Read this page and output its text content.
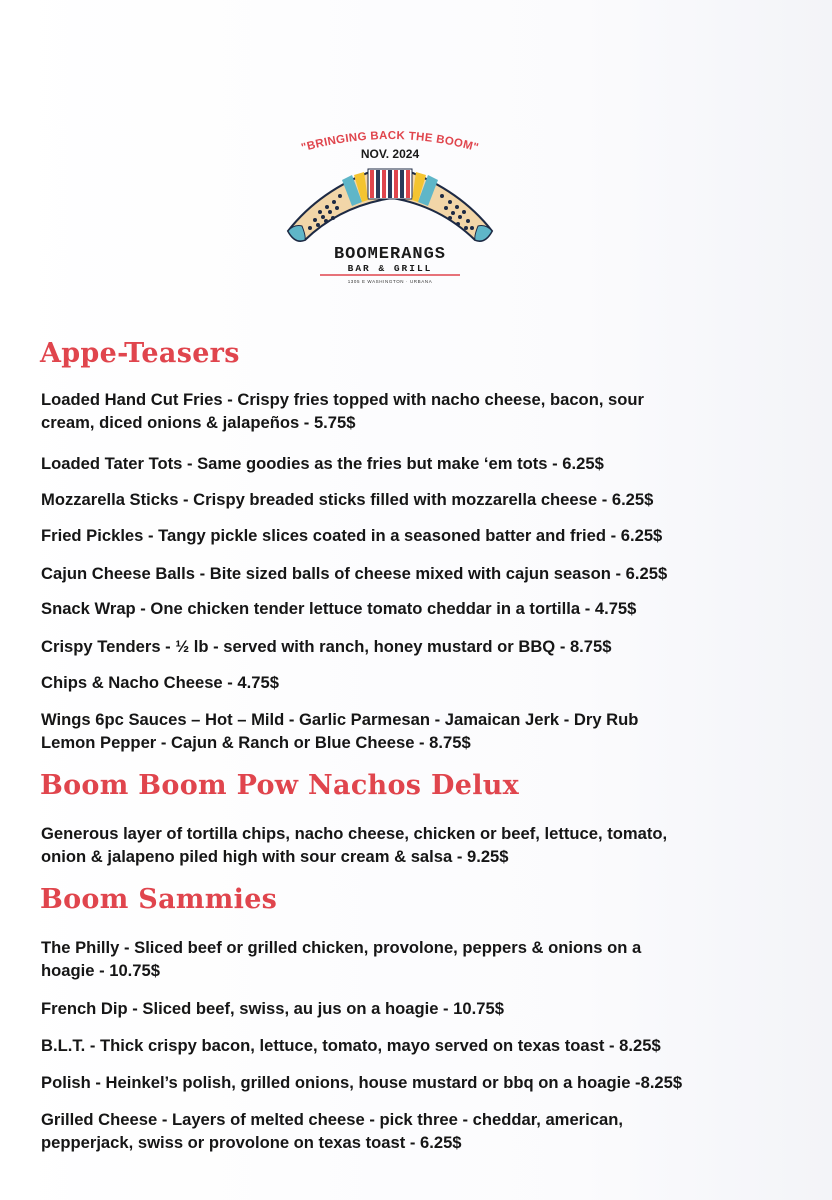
"BRINGING BACK THE BOOM"
NOV. 2024
BOOMERANGS
BAR & GRILL
1305 E WASHINGTON · URBANA
Appe-Teasers
Loaded Hand Cut Fries - Crispy fries topped with nacho cheese, bacon, sour
cream, diced onions & jalapeños - 5.75$
Loaded Tater Tots - Same goodies as the fries but make ‘em tots - 6.25$
Mozzarella Sticks - Crispy breaded sticks filled with mozzarella cheese - 6.25$
Fried Pickles - Tangy pickle slices coated in a seasoned batter and fried - 6.25$
Cajun Cheese Balls - Bite sized balls of cheese mixed with cajun season - 6.25$
Snack Wrap - One chicken tender lettuce tomato cheddar in a tortilla - 4.75$
Crispy Tenders - ½ lb - served with ranch, honey mustard or BBQ - 8.75$
Chips & Nacho Cheese - 4.75$
Wings 6pc Sauces – Hot – Mild - Garlic Parmesan - Jamaican Jerk - Dry Rub
Lemon Pepper - Cajun & Ranch or Blue Cheese - 8.75$
Boom Boom Pow Nachos Delux
Generous layer of tortilla chips, nacho cheese, chicken or beef, lettuce, tomato,
onion & jalapeno piled high with sour cream & salsa - 9.25$
Boom Sammies
The Philly - Sliced beef or grilled chicken, provolone, peppers & onions on a
hoagie - 10.75$
French Dip - Sliced beef, swiss, au jus on a hoagie - 10.75$
B.L.T. - Thick crispy bacon, lettuce, tomato, mayo served on texas toast - 8.25$
Polish - Heinkel’s polish, grilled onions, house mustard or bbq on a hoagie -8.25$
Grilled Cheese - Layers of melted cheese - pick three - cheddar, american,
pepperjack, swiss or provolone on texas toast - 6.25$
